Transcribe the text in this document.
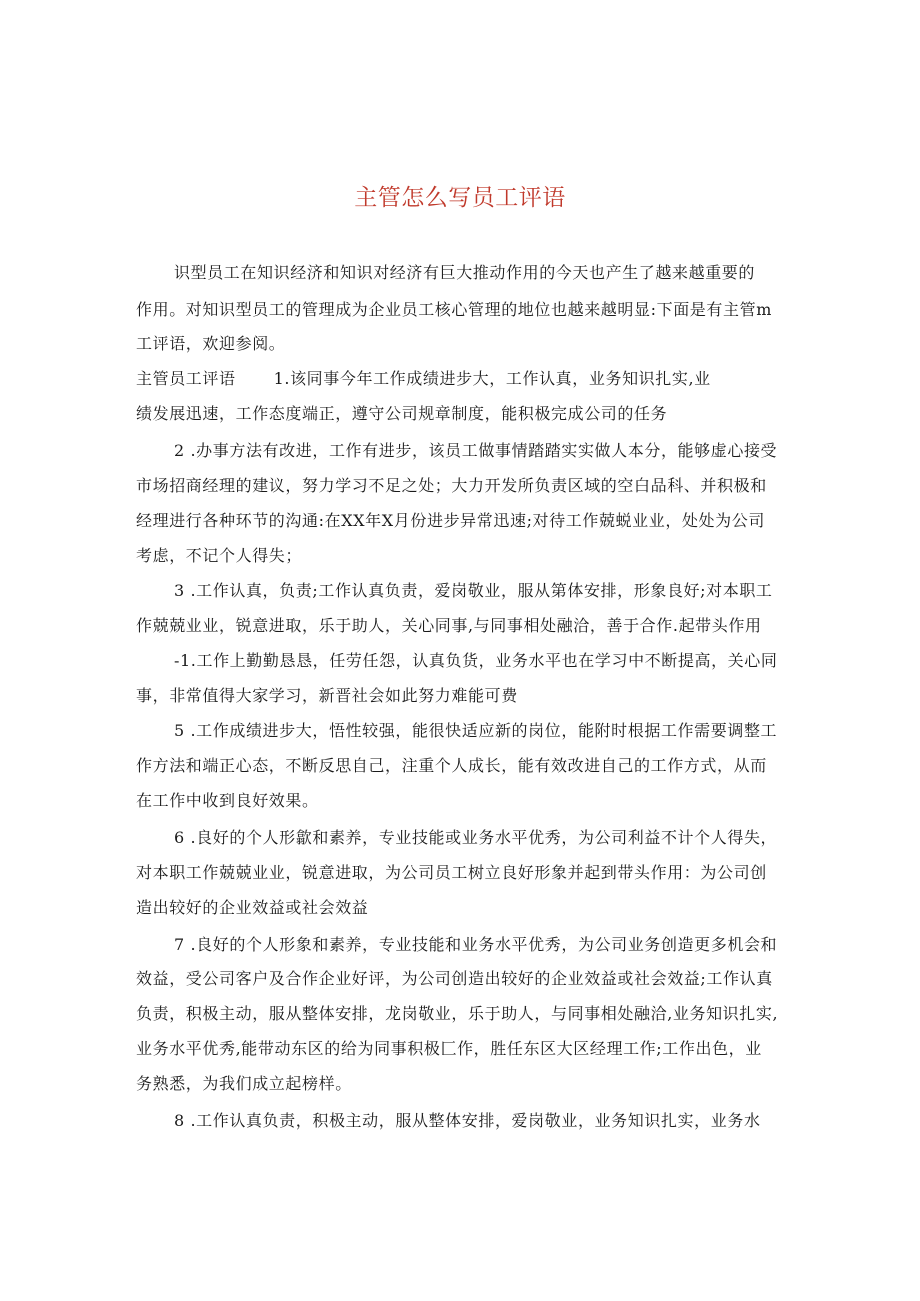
主管怎么写员工评语
识型员工在知识经济和知识对经济有巨大推动作用的今天也产生了越来越重要的
作用。对知识型员工的管理成为企业员工核心管理的地位也越来越明显:下面是有主管m
工评语，欢迎参阅。
主管员工评语 1.该同事今年工作成绩进步大，工作认真，业务知识扎实,业
绩发展迅速，工作态度端正，遵守公司规章制度，能积极完成公司的任务
2 .办事方法有改进，工作有进步，该员工做事情踏踏实实做人本分，能够虚心接受
市场招商经理的建议，努力学习不足之处；大力开发所负责区域的空白品科、并积极和
经理进行各种环节的沟通:在XX年X月份进步异常迅速;对待工作兢蜕业业，处处为公司
考虑，不记个人得失；
3 .工作认真，负责;工作认真负责，爱岗敬业，服从第体安排，形象良好;对本职工
作兢兢业业，锐意进取，乐于助人，关心同事,与同事相处融洽，善于合作.起带头作用
-1.工作上勤勤恳恳，任劳任怨，认真负货，业务水平也在学习中不断提高，关心同
事，非常值得大家学习，新晋社会如此努力难能可费
5 .工作成绩进步大，悟性较强，能很快适应新的岗位，能附时根据工作需要调整工
作方法和端正心态，不断反思自己，注重个人成长，能有效改进自己的工作方式，从而
在工作中收到良好效果。
6 .良好的个人形歙和素养，专业技能或业务水平优秀，为公司利益不计个人得失，
对本职工作兢兢业业，锐意进取，为公司员工树立良好形象并起到带头作用：为公司创
造出较好的企业效益或社会效益
7 .良好的个人形象和素养，专业技能和业务水平优秀，为公司业务创造更多机会和
效益，受公司客户及合作企业好评，为公司创造出较好的企业效益或社会效益;工作认真
负责，积极主动，服从整体安排，龙岗敬业，乐于助人，与同事相处融洽,业务知识扎实,
业务水平优秀,能带动东区的给为同事积极匚作，胜任东区大区经理工作;工作出色，业
务熟悉，为我们成立起榜样。
8 .工作认真负责，积极主动，服从整体安排，爱岗敬业，业务知识扎实，业务水
